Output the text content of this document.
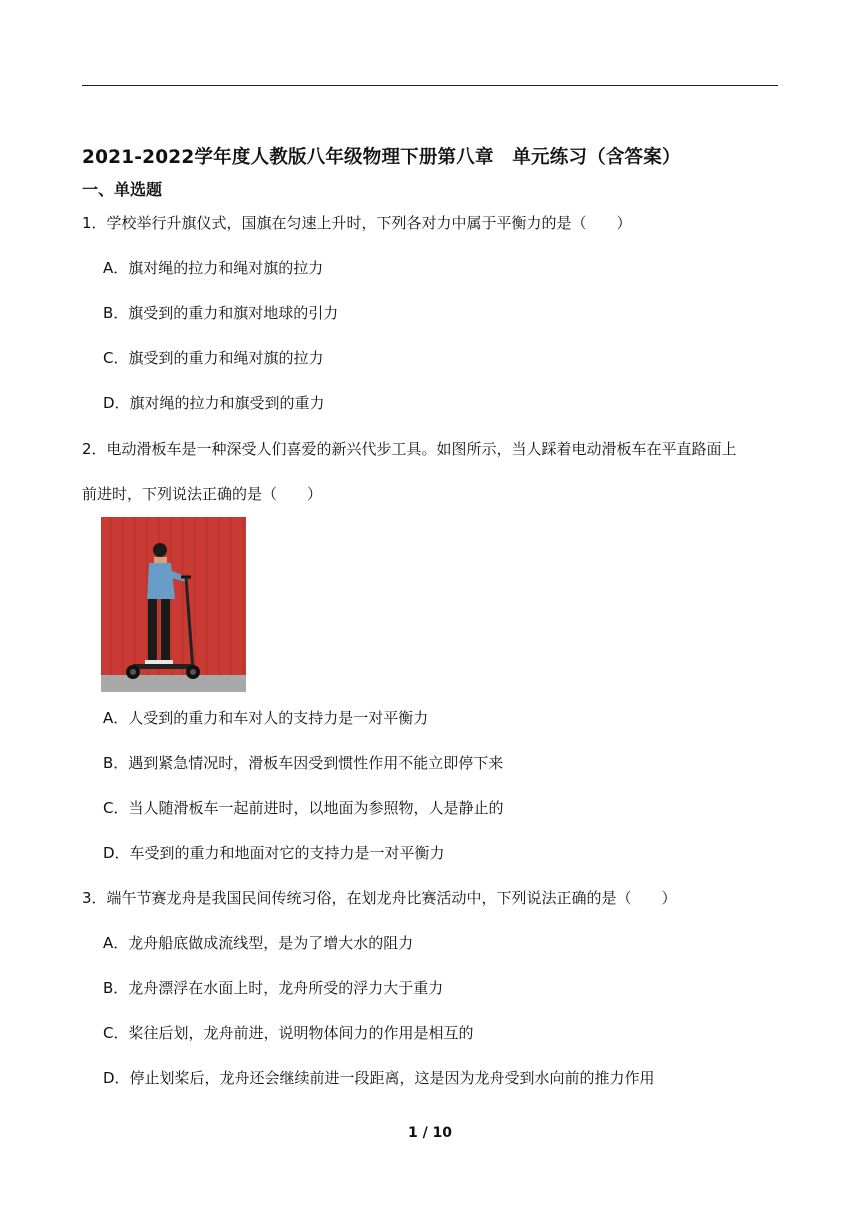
2021-2022学年度人教版八年级物理下册第八章　单元练习（含答案）
一、单选题
1．学校举行升旗仪式，国旗在匀速上升时，下列各对力中属于平衡力的是（　　）
A．旗对绳的拉力和绳对旗的拉力
B．旗受到的重力和旗对地球的引力
C．旗受到的重力和绳对旗的拉力
D．旗对绳的拉力和旗受到的重力
2．电动滑板车是一种深受人们喜爱的新兴代步工具。如图所示，当人踩着电动滑板车在平直路面上
前进时，下列说法正确的是（　　）
A．人受到的重力和车对人的支持力是一对平衡力
B．遇到紧急情况时，滑板车因受到惯性作用不能立即停下来
C．当人随滑板车一起前进时，以地面为参照物，人是静止的
D．车受到的重力和地面对它的支持力是一对平衡力
3．端午节赛龙舟是我国民间传统习俗，在划龙舟比赛活动中，下列说法正确的是（　　）
A．龙舟船底做成流线型，是为了增大水的阻力
B．龙舟漂浮在水面上时，龙舟所受的浮力大于重力
C．桨往后划，龙舟前进，说明物体间力的作用是相互的
D．停止划桨后，龙舟还会继续前进一段距离，这是因为龙舟受到水向前的推力作用
1 / 10
